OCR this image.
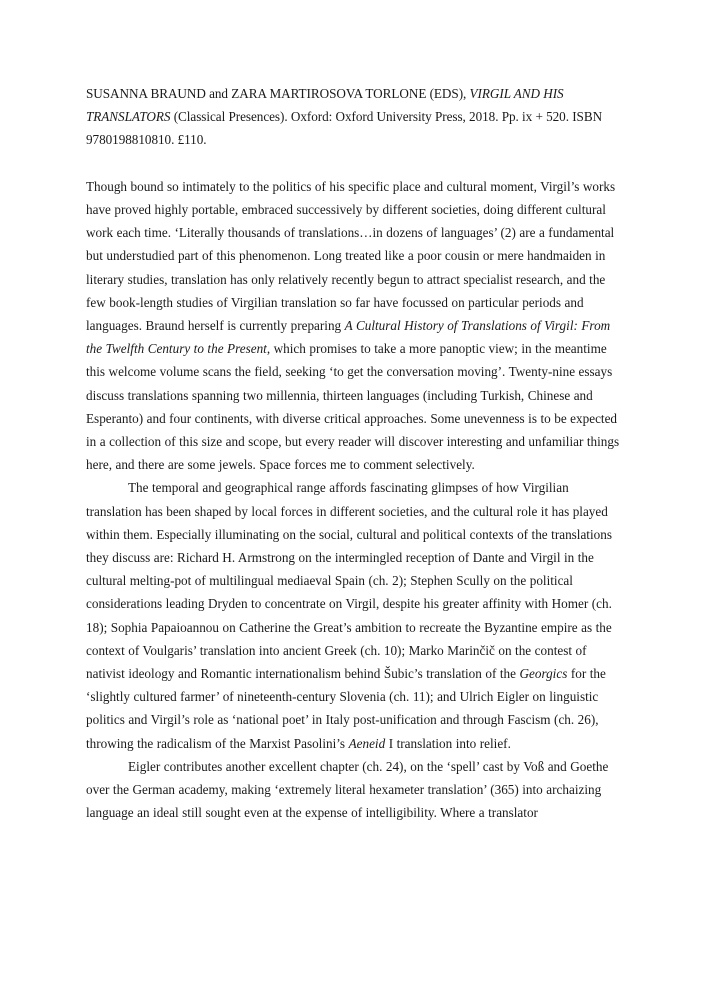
SUSANNA BRAUND and ZARA MARTIROSOVA TORLONE (EDS), VIRGIL AND HIS TRANSLATORS (Classical Presences). Oxford: Oxford University Press, 2018. Pp. ix + 520. ISBN 9780198810810. £110.

Though bound so intimately to the politics of his specific place and cultural moment, Virgil’s works have proved highly portable, embraced successively by different societies, doing different cultural work each time. ‘Literally thousands of translations…in dozens of languages’ (2) are a fundamental but understudied part of this phenomenon. Long treated like a poor cousin or mere handmaiden in literary studies, translation has only relatively recently begun to attract specialist research, and the few book-length studies of Virgilian translation so far have focussed on particular periods and languages. Braund herself is currently preparing A Cultural History of Translations of Virgil: From the Twelfth Century to the Present, which promises to take a more panoptic view; in the meantime this welcome volume scans the field, seeking ‘to get the conversation moving’. Twenty-nine essays discuss translations spanning two millennia, thirteen languages (including Turkish, Chinese and Esperanto) and four continents, with diverse critical approaches. Some unevenness is to be expected in a collection of this size and scope, but every reader will discover interesting and unfamiliar things here, and there are some jewels. Space forces me to comment selectively.

The temporal and geographical range affords fascinating glimpses of how Virgilian translation has been shaped by local forces in different societies, and the cultural role it has played within them. Especially illuminating on the social, cultural and political contexts of the translations they discuss are: Richard H. Armstrong on the intermingled reception of Dante and Virgil in the cultural melting-pot of multilingual mediaeval Spain (ch. 2); Stephen Scully on the political considerations leading Dryden to concentrate on Virgil, despite his greater affinity with Homer (ch. 18); Sophia Papaioannou on Catherine the Great’s ambition to recreate the Byzantine empire as the context of Voulgaris’ translation into ancient Greek (ch. 10); Marko Marinčič on the contest of nativist ideology and Romantic internationalism behind Šubic’s translation of the Georgics for the ‘slightly cultured farmer’ of nineteenth-century Slovenia (ch. 11); and Ulrich Eigler on linguistic politics and Virgil’s role as ‘national poet’ in Italy post-unification and through Fascism (ch. 26), throwing the radicalism of the Marxist Pasolini’s Aeneid I translation into relief.

Eigler contributes another excellent chapter (ch. 24), on the ‘spell’ cast by Voß and Goethe over the German academy, making ‘extremely literal hexameter translation’ (365) into archaizing language an ideal still sought even at the expense of intelligibility. Where a translator
